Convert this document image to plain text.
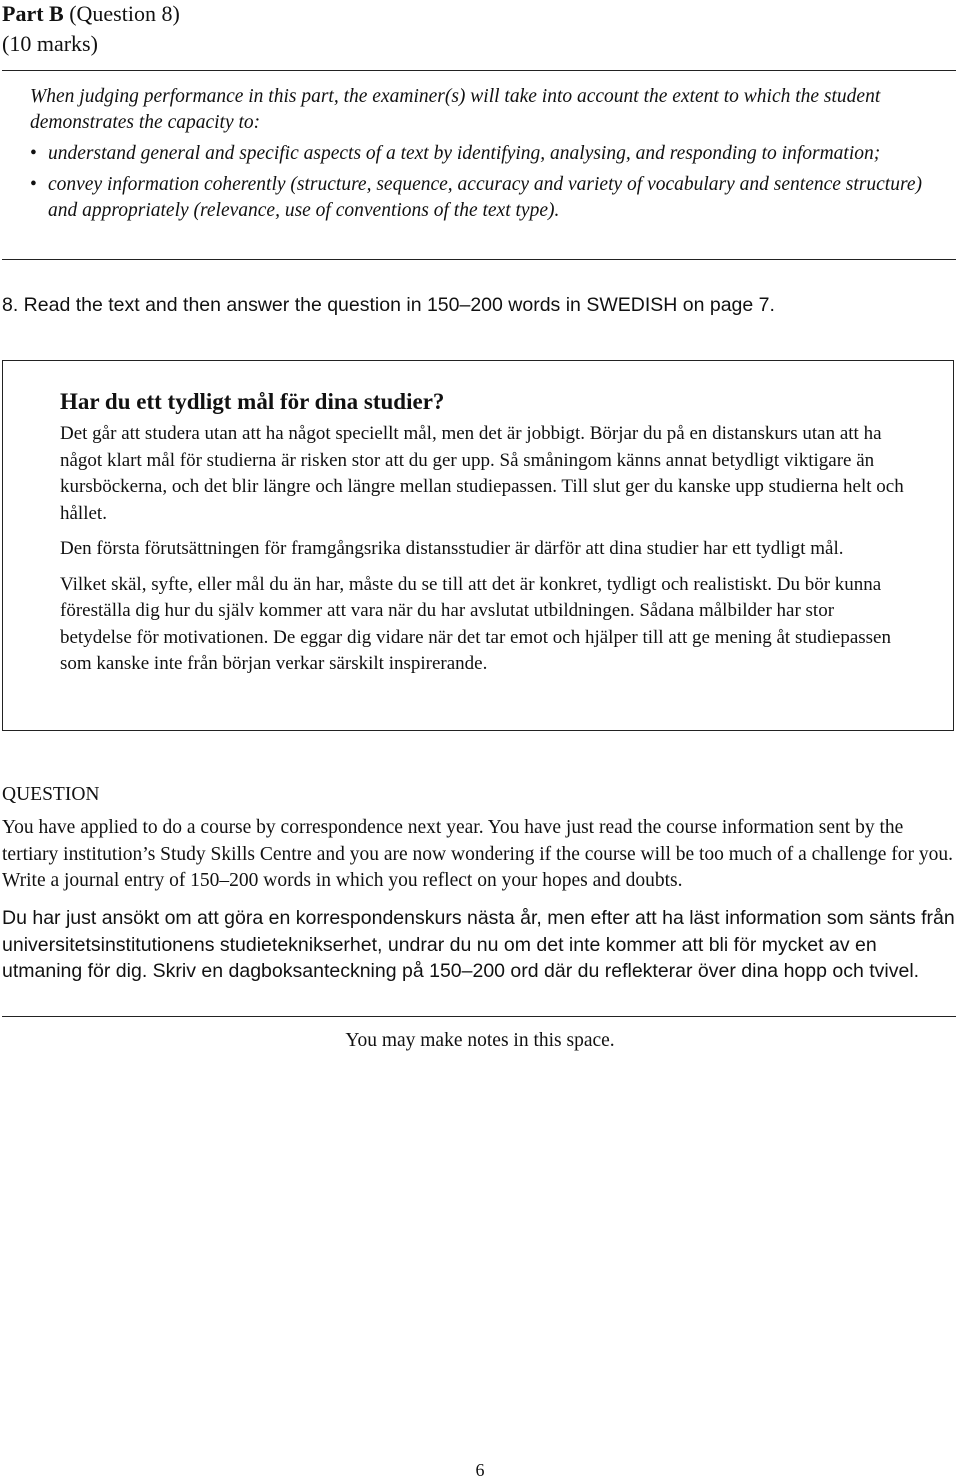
Part B (Question 8)
(10 marks)

When judging performance in this part, the examiner(s) will take into account the extent to which the student demonstrates the capacity to:

• understand general and specific aspects of a text by identifying, analysing, and responding to information;
• convey information coherently (structure, sequence, accuracy and variety of vocabulary and sentence structure) and appropriately (relevance, use of conventions of the text type).
8. Read the text and then answer the question in 150–200 words in SWEDISH on page 7.
Har du ett tydligt mål för dina studier?

Det går att studera utan att ha något speciellt mål, men det är jobbigt. Börjar du på en distanskurs utan att ha något klart mål för studierna är risken stor att du ger upp. Så småningom känns annat betydligt viktigare än kursböckerna, och det blir längre och längre mellan studiepassen. Till slut ger du kanske upp studierna helt och hållet.

Den första förutsättningen för framgångsrika distansstudier är därför att dina studier har ett tydligt mål.

Vilket skäl, syfte, eller mål du än har, måste du se till att det är konkret, tydligt och realistiskt. Du bör kunna föreställa dig hur du själv kommer att vara när du har avslutat utbildningen. Sådana målbilder har stor betydelse för motivationen. De eggar dig vidare när det tar emot och hjälper till att ge mening åt studiepassen som kanske inte från början verkar särskilt inspirerande.

QUESTION

You have applied to do a course by correspondence next year. You have just read the course information sent by the tertiary institution’s Study Skills Centre and you are now wondering if the course will be too much of a challenge for you. Write a journal entry of 150–200 words in which you reflect on your hopes and doubts.

Du har just ansökt om att göra en korrespondenskurs nästa år, men efter att ha läst information som sänts från universitetsinstitutionens studieteknikserhet, undrar du nu om det inte kommer att bli för mycket av en utmaning för dig. Skriv en dagboksanteckning på 150–200 ord där du reflekterar över dina hopp och tvivel.

You may make notes in this space.
6
